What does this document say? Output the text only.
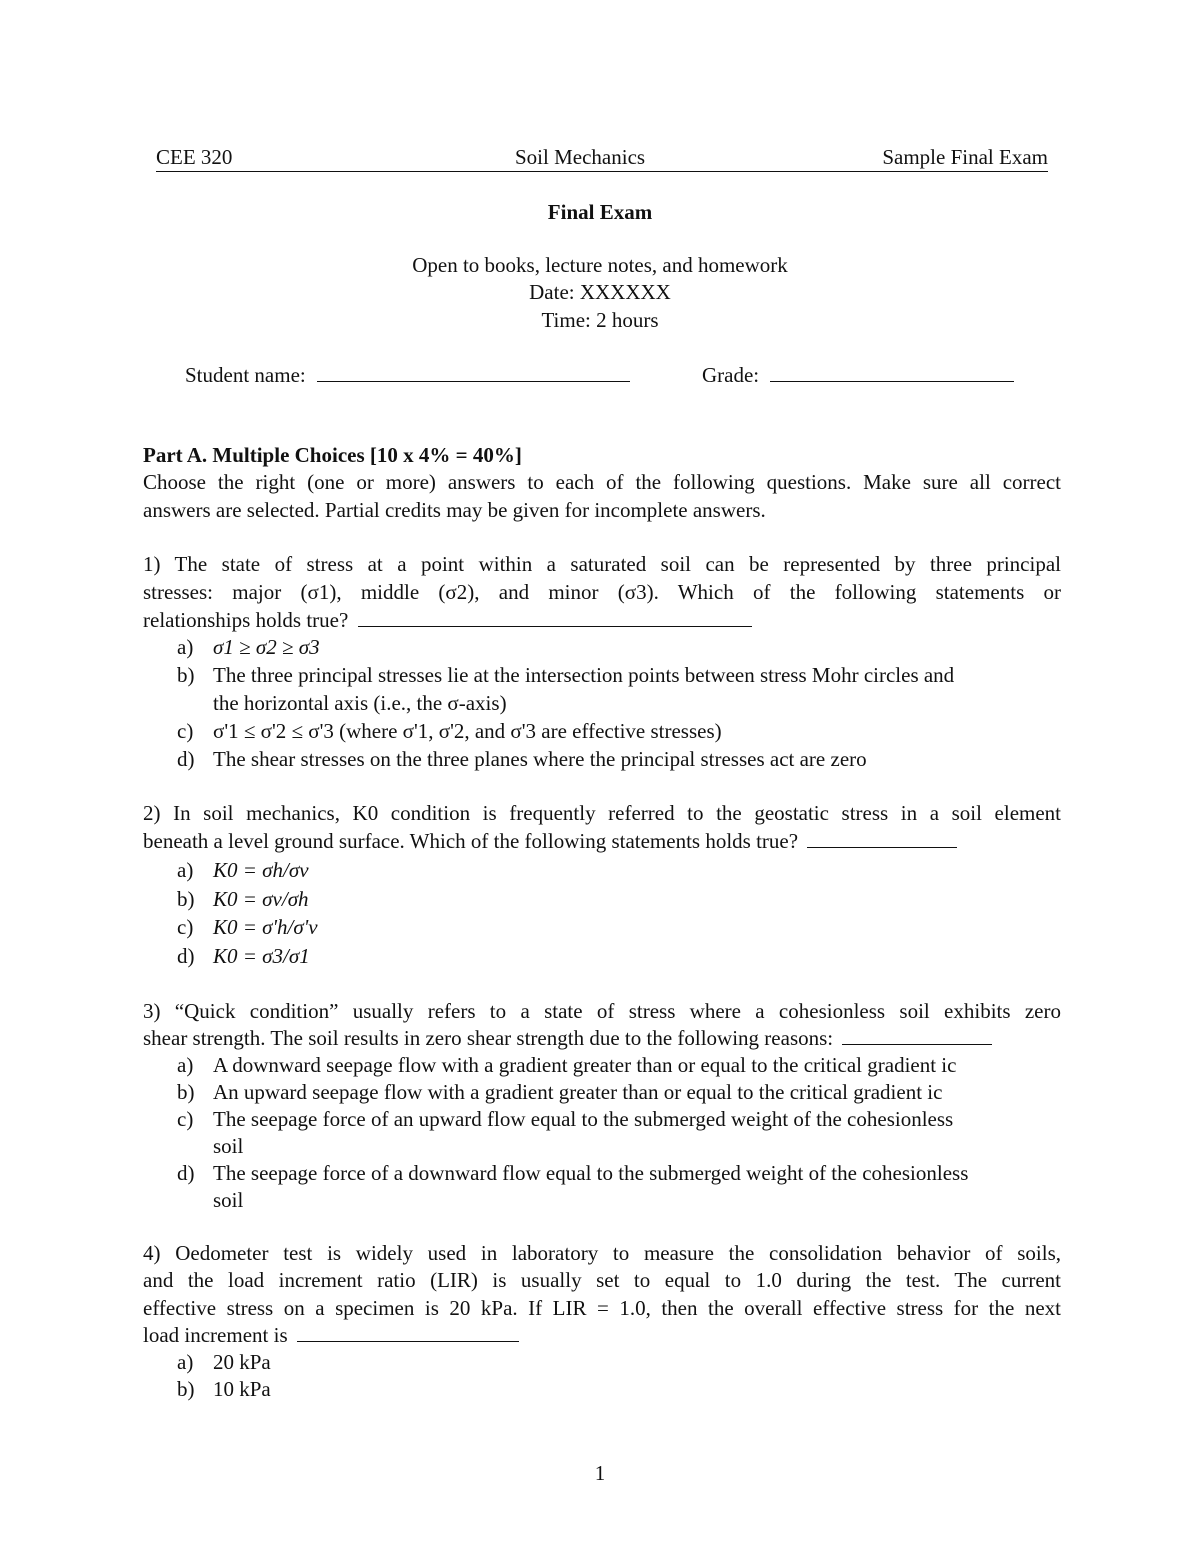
CEE 320	Soil Mechanics	Sample Final Exam
Final Exam
Open to books, lecture notes, and homework
Date: XXXXXX
Time: 2 hours
Student name:	Grade:
Part A. Multiple Choices [10 x 4% = 40%]
Choose the right (one or more) answers to each of the following questions. Make sure all correct
answers are selected. Partial credits may be given for incomplete answers.
1) The state of stress at a point within a saturated soil can be represented by three principal
stresses: major (σ1), middle (σ2), and minor (σ3). Which of the following statements or
relationships holds true?
a) σ1 ≥ σ2 ≥ σ3
b) The three principal stresses lie at the intersection points between stress Mohr circles and
the horizontal axis (i.e., the σ-axis)
c) σ'1 ≤ σ'2 ≤ σ'3 (where σ'1, σ'2, and σ'3 are effective stresses)
d) The shear stresses on the three planes where the principal stresses act are zero
2) In soil mechanics, K0 condition is frequently referred to the geostatic stress in a soil element
beneath a level ground surface. Which of the following statements holds true?
a) K0 = σh/σv
b) K0 = σv/σh
c) K0 = σ'h/σ'v
d) K0 = σ3/σ1
3) “Quick condition” usually refers to a state of stress where a cohesionless soil exhibits zero
shear strength. The soil results in zero shear strength due to the following reasons:
a) A downward seepage flow with a gradient greater than or equal to the critical gradient ic
b) An upward seepage flow with a gradient greater than or equal to the critical gradient ic
c) The seepage force of an upward flow equal to the submerged weight of the cohesionless
soil
d) The seepage force of a downward flow equal to the submerged weight of the cohesionless
soil
4) Oedometer test is widely used in laboratory to measure the consolidation behavior of soils,
and the load increment ratio (LIR) is usually set to equal to 1.0 during the test. The current
effective stress on a specimen is 20 kPa. If LIR = 1.0, then the overall effective stress for the next
load increment is
a) 20 kPa
b) 10 kPa
1
